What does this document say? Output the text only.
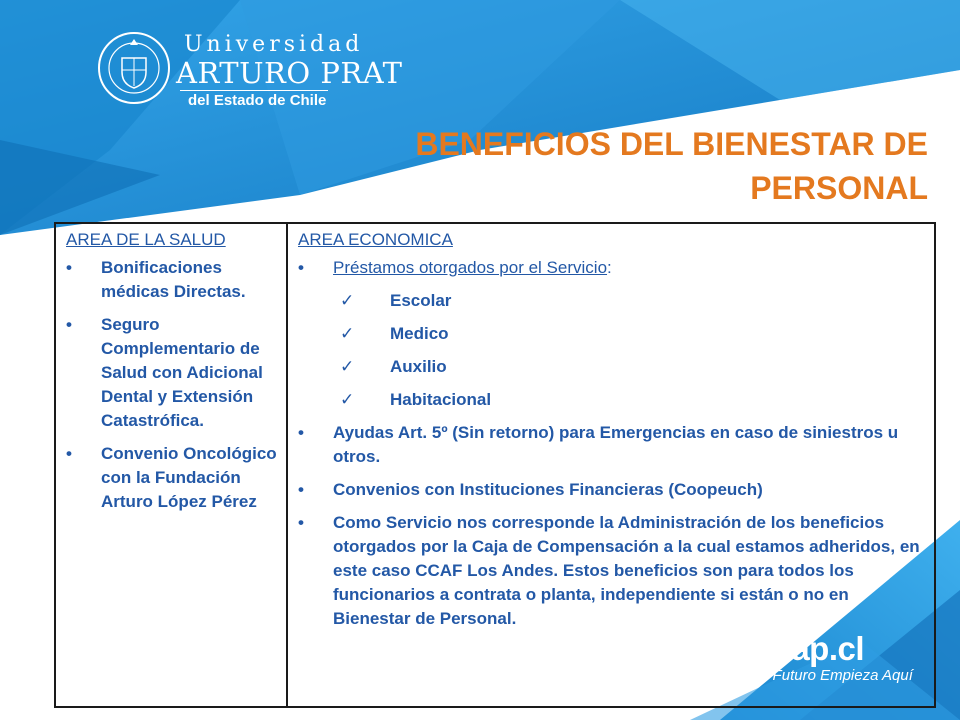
Universidad
ARTURO PRAT
del Estado de Chile
BENEFICIOS DEL BIENESTAR DE
PERSONAL
AREA DE LA SALUD
• Bonificaciones médicas Directas.
• Seguro Complementario de Salud con Adicional Dental y Extensión Catastrófica.
• Convenio Oncológico con la Fundación Arturo López Pérez
AREA ECONOMICA
• Préstamos otorgados por el Servicio:
✓ Escolar
✓ Medico
✓ Auxilio
✓ Habitacional
• Ayudas Art. 5º (Sin retorno) para Emergencias en caso de siniestros u otros.
• Convenios con Instituciones Financieras (Coopeuch)
• Como Servicio nos corresponde la Administración de los beneficios otorgados por la Caja de Compensación a la cual estamos adheridos, en este caso CCAF Los Andes. Estos beneficios son para todos los funcionarios a contrata o planta, independiente si están o no en Bienestar de Personal.
unap.cl
Tu Futuro Empieza Aquí
